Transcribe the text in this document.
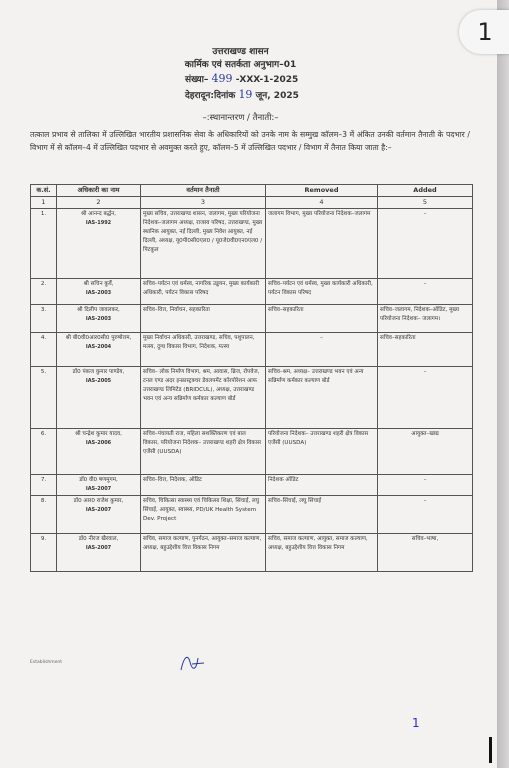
उत्तराखण्ड शासन
कार्मिक एवं सतर्कता अनुभाग–01
संख्या– 499 -XXX-1-2025
देहरादून:दिनांक 19 जून, 2025
–:स्थानान्तरण / तैनाती:–
तत्काल प्रभाव से तालिका में उल्लिखित भारतीय प्रशासनिक सेवा के अधिकारियों को उनके नाम के सम्मुख कॉलम–3 में अंकित उनकी वर्तमान तैनाती के पदभार / विभाग में से कॉलम–4 में उल्लिखित पदभार से अवमुक्त करते हुए, कॉलम–5 में उल्लिखित पदभार / विभाग में तैनात किया जाता है:–
क.सं.	अधिकारी का नाम	वर्तमान तैनाती	Removed	Added
1	2	3	4	5
1.	श्री आनन्द बर्द्धन,
IAS-1992	मुख्य सचिव, उत्तराखण्ड शासन, जलागम, मुख्य परियोजना निदेशक–जलागम अध्यक्ष, राजस्व परिषद, उत्तराखण्ड, मुख्य स्थानिक आयुक्त, नई दिल्ली, मुख्य निवेश आयुक्त, नई दिल्ली, अध्यक्ष, यू0पी0सी0एल0 / यू0जे0वी0एन0एल0 / पिटकुल	जलागम विभाग, मुख्य परियोजना निदेशक–जलागम	–
2.	श्री सचिन कुर्वे,
IAS-2003	सचिव–पर्यटन एवं धर्मस्व, नागरिक उड्डयन, मुख्य कार्यकारी अधिकारी, पर्यटन विकास परिषद	सचिव–पर्यटन एवं धर्मस्व, मुख्य कार्यकारी अधिकारी, पर्यटन विकास परिषद	–
3.	श्री दिलीप जावलकर,
IAS-2003	सचिव–वित्त, निर्वाचन, सहकारिता	सचिव–सहकारिता	सचिव–जलागम, निदेशक–ऑडिट, मुख्य परियोजना निदेशक– जलागम।
4.	श्री बी0वी0आर0सी0 पुरुषोत्तम,
IAS-2004	मुख्य निर्वाचन अधिकारी, उत्तराखण्ड, सचिव, पशुपालन, मत्स्य, दुग्ध विकास विभाग, निदेशक, मत्स्य	–	सचिव–सहकारिता
5.	डॉ0 पंकज कुमार पाण्डेय,
IAS-2005	सचिव– लोक निर्माण विभाग, श्रम, आवास, ब्रिज, रोपवेज, टनल एण्ड अदर इन्फ्रास्ट्रक्चर डेवलपमेंट कॉरपोरेशन आफ उत्तराखण्ड लिमिटेड (BRIDCUL), अध्यक्ष, उत्तराखण्ड भवन एवं अन्य सन्निर्माण कर्मकार कल्याण बोर्ड	सचिव–श्रम, अध्यक्ष– उत्तराखण्ड भवन एवं अन्य सन्निर्माण कर्मकार कल्याण बोर्ड	–
6.	श्री चन्द्रेश कुमार यादव,
IAS-2006	सचिव–पंचायती राज, महिला सशक्तिकरण एवं बाल विकास, परियोजना निदेशक– उत्तराखण्ड शहरी क्षेत्र विकास एजेंसी (UUSDA)	परियोजना निदेशक– उत्तराखण्ड शहरी क्षेत्र विकास एजेंसी (UUSDA)	आयुक्त–खाद्य
7.	डॉ0 वी0 षणमुगम,
IAS-2007	सचिव–वित्त, निदेशक, ऑडिट	निदेशक ऑडिट	–
8.	डॉ0 आर0 राजेश कुमार,
IAS-2007	सचिव, चिकित्सा स्वास्थ्य एवं चिकित्सा शिक्षा, सिंचाई, लघु सिंचाई, आयुक्त, स्वास्थ्य, PD/UK Health System Dev. Project	सचिव–सिंचाई, लघु सिंचाई	–
9.	डॉ0 नीरज खैरवाल,
IAS-2007	सचिव, समाज कल्याण, पुनर्गठन, आयुक्त–समाज कल्याण, अध्यक्ष, बहुउद्देशीय वित्त विकास निगम	सचिव, समाज कल्याण, आयुक्त, समाज कल्याण, अध्यक्ष, बहुउद्देशीय वित्त विकास निगम	सचिव–भाषा,
Establishment
1
1
